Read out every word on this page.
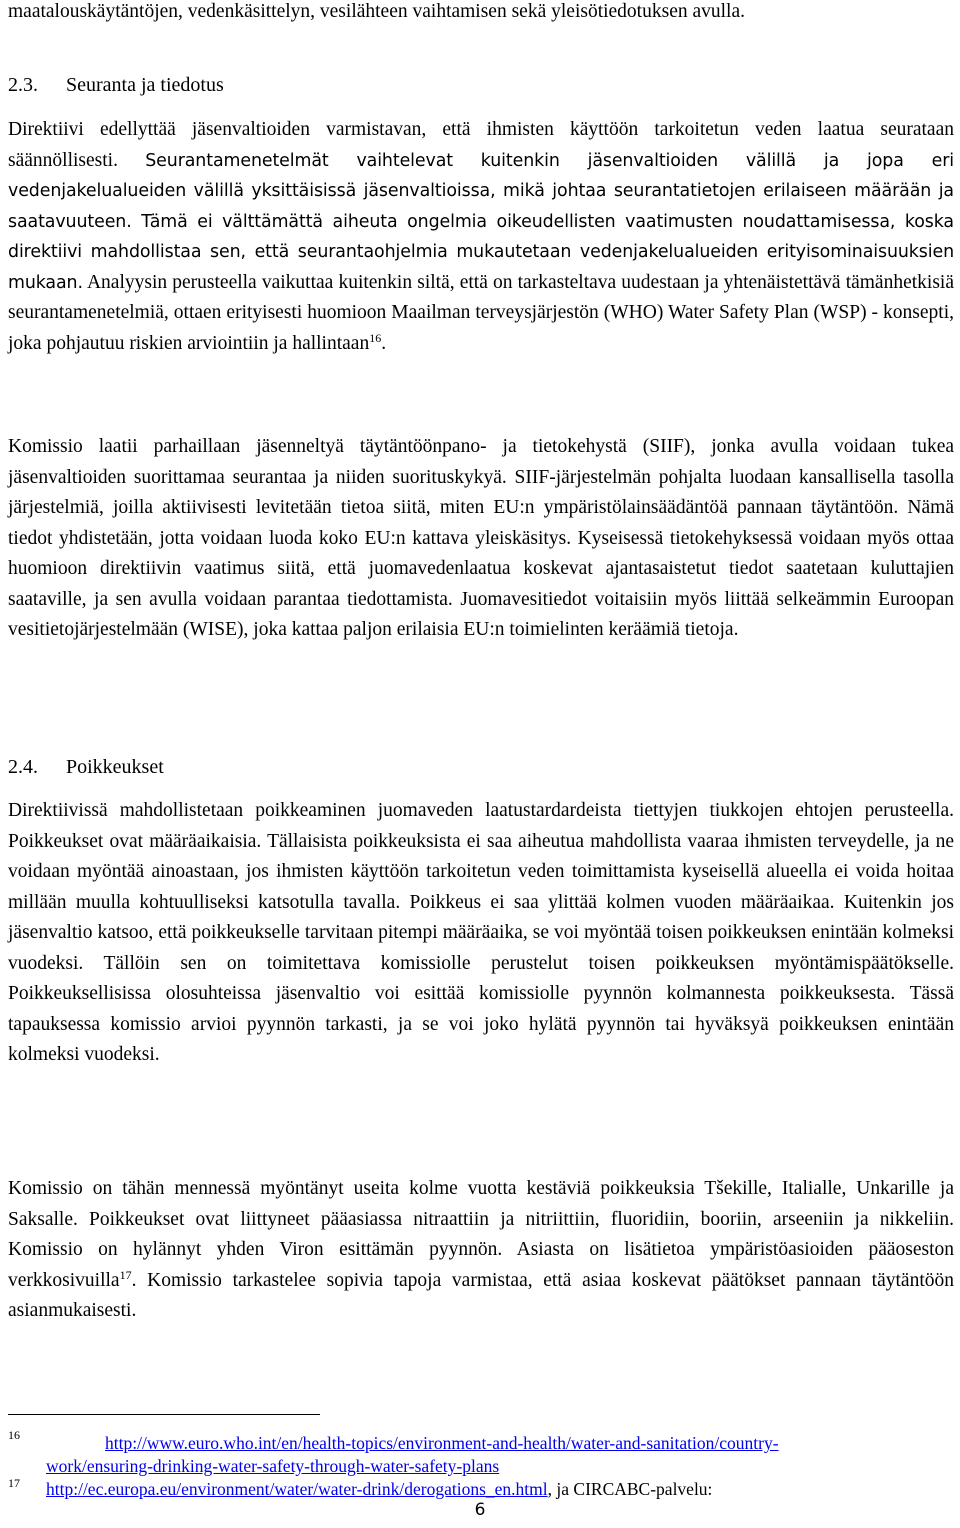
maatalouskäytäntöjen, vedenkäsittelyn, vesilähteen vaihtamisen sekä yleisötiedotuksen avulla.

2.3. Seuranta ja tiedotus

Direktiivi edellyttää jäsenvaltioiden varmistavan, että ihmisten käyttöön tarkoitetun veden laatua seurataan säännöllisesti. Seurantamenetelmät vaihtelevat kuitenkin jäsenvaltioiden välillä ja jopa eri vedenjakelualueiden välillä yksittäisissä jäsenvaltioissa, mikä johtaa seurantatietojen erilaiseen määrään ja saatavuuteen. Tämä ei välttämättä aiheuta ongelmia oikeudellisten vaatimusten noudattamisessa, koska direktiivi mahdollistaa sen, että seurantaohjelmia mukautetaan vedenjakelualueiden erityisominaisuuksien mukaan. Analyysin perusteella vaikuttaa kuitenkin siltä, että on tarkasteltava uudestaan ja yhtenäistettävä tämänhetkisiä seurantamenetelmiä, ottaen erityisesti huomioon Maailman terveysjärjestön (WHO) Water Safety Plan (WSP) - konsepti, joka pohjautuu riskien arviointiin ja hallintaan$^{16}$.

Komissio laatii parhaillaan jäsenneltyä täytäntöönpano- ja tietokehystä (SIIF), jonka avulla voidaan tukea jäsenvaltioiden suorittamaa seurantaa ja niiden suorituskykyä. SIIF-järjestelmän pohjalta luodaan kansallisella tasolla järjestelmiä, joilla aktiivisesti levitetään tietoa siitä, miten EU:n ympäristölainsäädäntöä pannaan täytäntöön. Nämä tiedot yhdistetään, jotta voidaan luoda koko EU:n kattava yleiskäsitys. Kyseisessä tietokehyksessä voidaan myös ottaa huomioon direktiivin vaatimus siitä, että juomavedenlaatua koskevat ajantasaistetut tiedot saatetaan kuluttajien saataville, ja sen avulla voidaan parantaa tiedottamista. Juomavesitiedot voitaisiin myös liittää selkeämmin Euroopan vesitietojärjestelmään (WISE), joka kattaa paljon erilaisia EU:n toimielinten keräämiä tietoja.

2.4. Poikkeukset

Direktiivissä mahdollistetaan poikkeaminen juomaveden laatustardardeista tiettyjen tiukkojen ehtojen perusteella. Poikkeukset ovat määräaikaisia. Tällaisista poikkeuksista ei saa aiheutua mahdollista vaaraa ihmisten terveydelle, ja ne voidaan myöntää ainoastaan, jos ihmisten käyttöön tarkoitetun veden toimittamista kyseisellä alueella ei voida hoitaa millään muulla kohtuulliseksi katsotulla tavalla. Poikkeus ei saa ylittää kolmen vuoden määräaikaa. Kuitenkin jos jäsenvaltio katsoo, että poikkeukselle tarvitaan pitempi määräaika, se voi myöntää toisen poikkeuksen enintään kolmeksi vuodeksi. Tällöin sen on toimitettava komissiolle perustelut toisen poikkeuksen myöntämispäätökselle. Poikkeuksellisissa olosuhteissa jäsenvaltio voi esittää komissiolle pyynnön kolmannesta poikkeuksesta. Tässä tapauksessa komissio arvioi pyynnön tarkasti, ja se voi joko hylätä pyynnön tai hyväksyä poikkeuksen enintään kolmeksi vuodeksi.

Komissio on tähän mennessä myöntänyt useita kolme vuotta kestäviä poikkeuksia Tšekille, Italialle, Unkarille ja Saksalle. Poikkeukset ovat liittyneet pääasiassa nitraattiin ja nitriittiin, fluoridiin, booriin, arseeniin ja nikkeliin. Komissio on hylännyt yhden Viron esittämän pyynnön. Asiasta on lisätietoa ympäristöasioiden pääoseston verkkosivuilla$^{17}$. Komissio tarkastelee sopivia tapoja varmistaa, että asiaa koskevat päätökset pannaan täytäntöön asianmukaisesti.

16	http://www.euro.who.int/en/health-topics/environment-and-health/water-and-sanitation/country-
work/ensuring-drinking-water-safety-through-water-safety-plans
17	http://ec.europa.eu/environment/water/water-drink/derogations_en.html, ja CIRCABC-palvelu:
6
